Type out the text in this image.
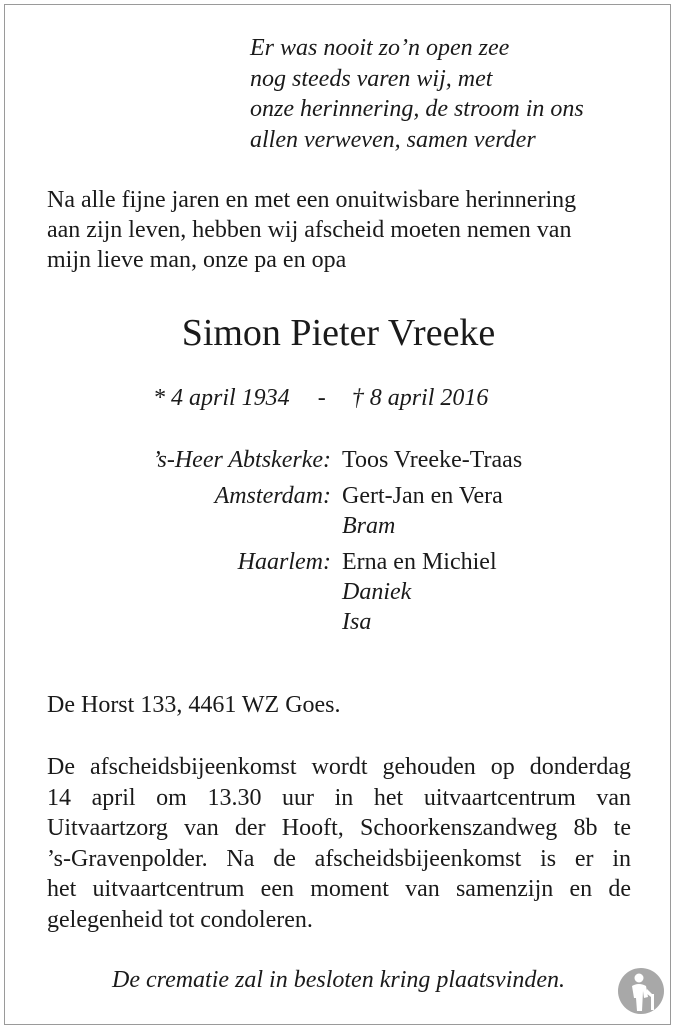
Er was nooit zo’n open zee
nog steeds varen wij, met
onze herinnering, de stroom in ons
allen verweven, samen verder
Na alle fijne jaren en met een onuitwisbare herinnering
aan zijn leven, hebben wij afscheid moeten nemen van
mijn lieve man, onze pa en opa
Simon Pieter Vreeke
* 4 april 1934 - † 8 april 2016
’s-Heer Abtskerke: Toos Vreeke-Traas
Amsterdam: Gert-Jan en Vera
Bram
Haarlem: Erna en Michiel
Daniek
Isa
De Horst 133, 4461 WZ Goes.
De afscheidsbijeenkomst wordt gehouden op donderdag
14 april om 13.30 uur in het uitvaartcentrum van
Uitvaartzorg van der Hooft, Schoorkenszandweg 8b te
’s-Gravenpolder. Na de afscheidsbijeenkomst is er in
het uitvaartcentrum een moment van samenzijn en de
gelegenheid tot condoleren.
De crematie zal in besloten kring plaatsvinden.
